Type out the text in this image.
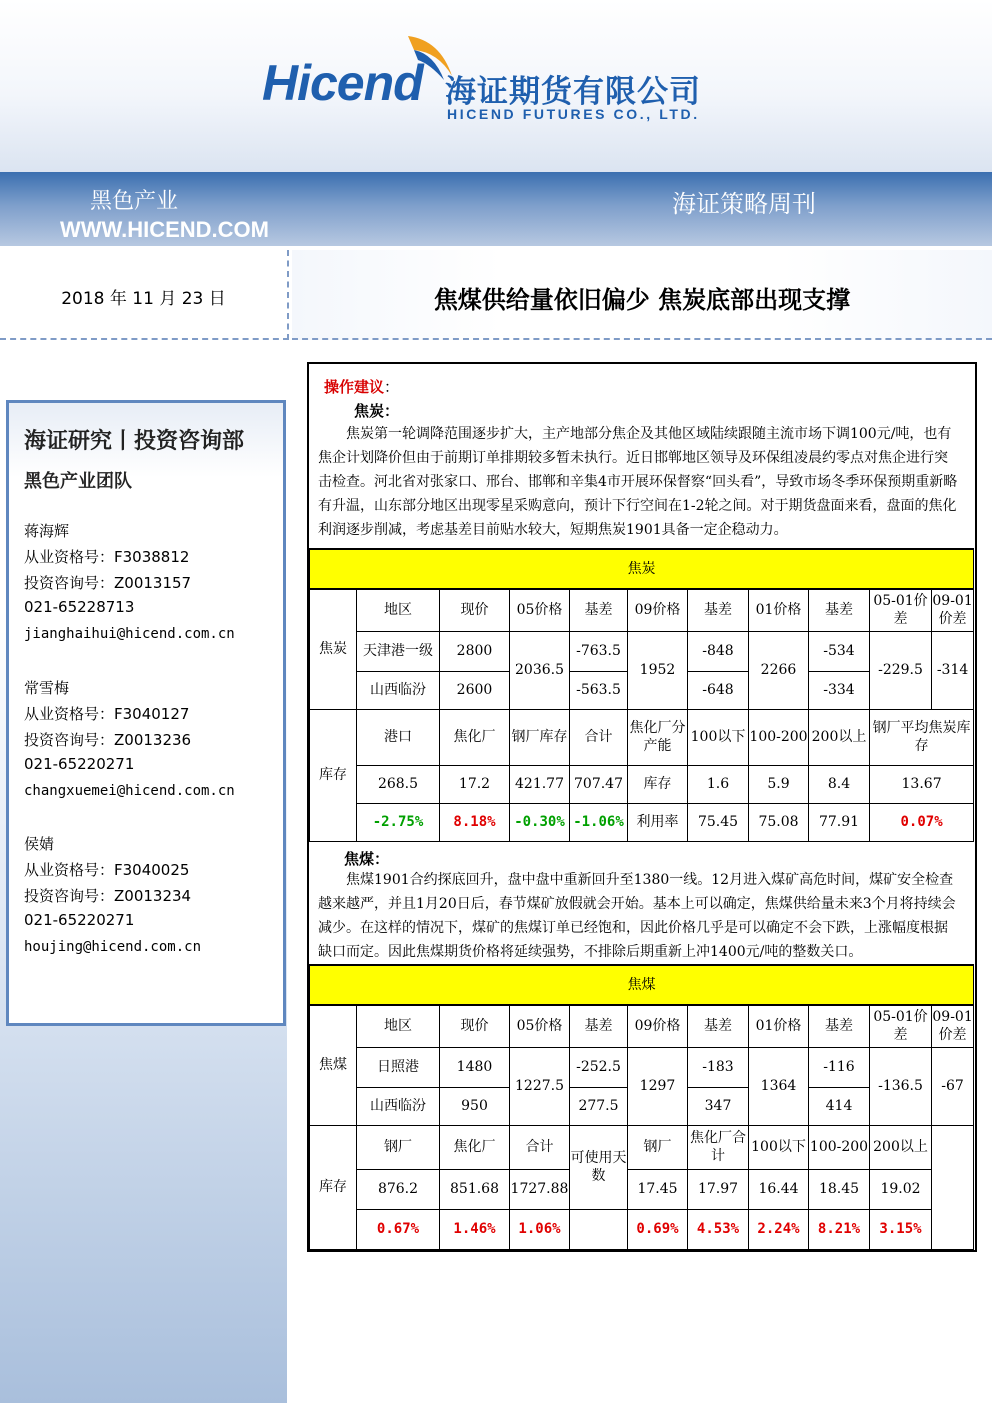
Hicend 海证期货有限公司
HICEND FUTURES CO., LTD.
黑色产业
WWW.HICEND.COM
海证策略周刊
2018 年 11 月 23 日	焦煤供给量依旧偏少 焦炭底部出现支撑
海证研究丨投资咨询部
黑色产业团队
蒋海辉
从业资格号：F3038812
投资咨询号：Z0013157
021-65228713
jianghaihui@hicend.com.cn
常雪梅
从业资格号：F3040127
投资咨询号：Z0013236
021-65220271
changxuemei@hicend.com.cn
侯婧
从业资格号：F3040025
投资咨询号：Z0013234
021-65220271
houjing@hicend.com.cn
操作建议：
焦炭：
焦炭第一轮调降范围逐步扩大，主产地部分焦企及其他区域陆续跟随主流市场下调100元/吨，也有焦企计划降价但由于前期订单排期较多暂未执行。近日邯郸地区领导及环保组凌晨约零点对焦企进行突击检查。河北省对张家口、邢台、邯郸和辛集4市开展环保督察“回头看”，导致市场冬季环保预期重新略有升温，山东部分地区出现零星采购意向，预计下行空间在1-2轮之间。对于期货盘面来看，盘面的焦化利润逐步削减，考虑基差目前贴水较大，短期焦炭1901具备一定企稳动力。
焦炭										
焦炭	地区	现价	05价格	基差	09价格	基差	01价格	基差	05-01价差	09-01价差
	天津港一级	2800	2036.5	-763.5	1952	-848	2266	-534	-229.5	-314
	山西临汾	2600		-563.5		-648		-334		
库存	港口	焦化厂	钢厂库存	合计	焦化厂分产能	100以下	100-200	200以上	钢厂平均焦炭库存	
	268.5	17.2	421.77	707.47	库存	1.6	5.9	8.4	13.67	
	-2.75%	8.18%	-0.30%	-1.06%	利用率	75.45	75.08	77.91	0.07%	
焦煤：
焦煤1901合约探底回升，盘中盘中重新回升至1380一线。12月进入煤矿高危时间，煤矿安全检查越来越严，并且1月20日后，春节煤矿放假就会开始。基本上可以确定，焦煤供给量未来3个月将持续会减少。在这样的情况下，煤矿的焦煤订单已经饱和，因此价格几乎是可以确定不会下跌，上涨幅度根据缺口而定。因此焦煤期货价格将延续强势，不排除后期重新上冲1400元/吨的整数关口。
焦煤										
焦煤	地区	现价	05价格	基差	09价格	基差	01价格	基差	05-01价差	09-01价差
	日照港	1480	1227.5	-252.5	1297	-183	1364	-116	-136.5	-67
	山西临汾	950		277.5		347		414		
库存	钢厂	焦化厂	合计	可使用天数	钢厂	焦化厂合计	100以下	100-200	200以上	
	876.2	851.68	1727.88		17.45	17.97	16.44	18.45	19.02	
	0.67%	1.46%	1.06%		0.69%	4.53%	2.24%	8.21%	3.15%	
